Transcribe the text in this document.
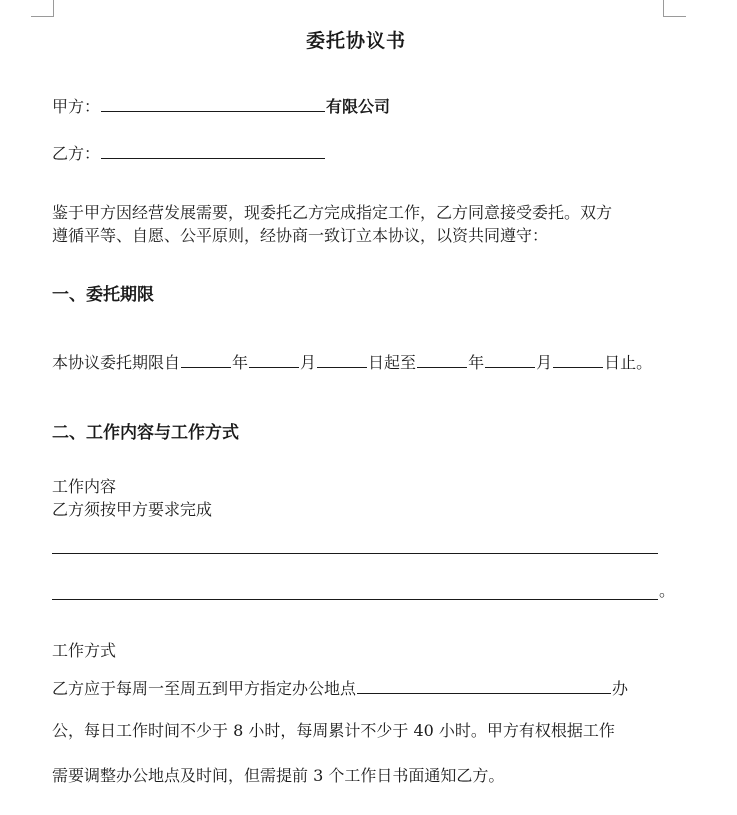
委托协议书
甲方：	有限公司
乙方：
鉴于甲方因经营发展需要，现委托乙方完成指定工作，乙方同意接受委托。双方
遵循平等、自愿、公平原则，经协商一致订立本协议，以资共同遵守：
一、委托期限
本协议委托期限自	年	月	日起至	年	月	日止。
二、工作内容与工作方式
工作内容
乙方须按甲方要求完成
。
工作方式
乙方应于每周一至周五到甲方指定办公地点	办
公，每日工作时间不少于 8 小时，每周累计不少于 40 小时。甲方有权根据工作
需要调整办公地点及时间，但需提前 3 个工作日书面通知乙方。
